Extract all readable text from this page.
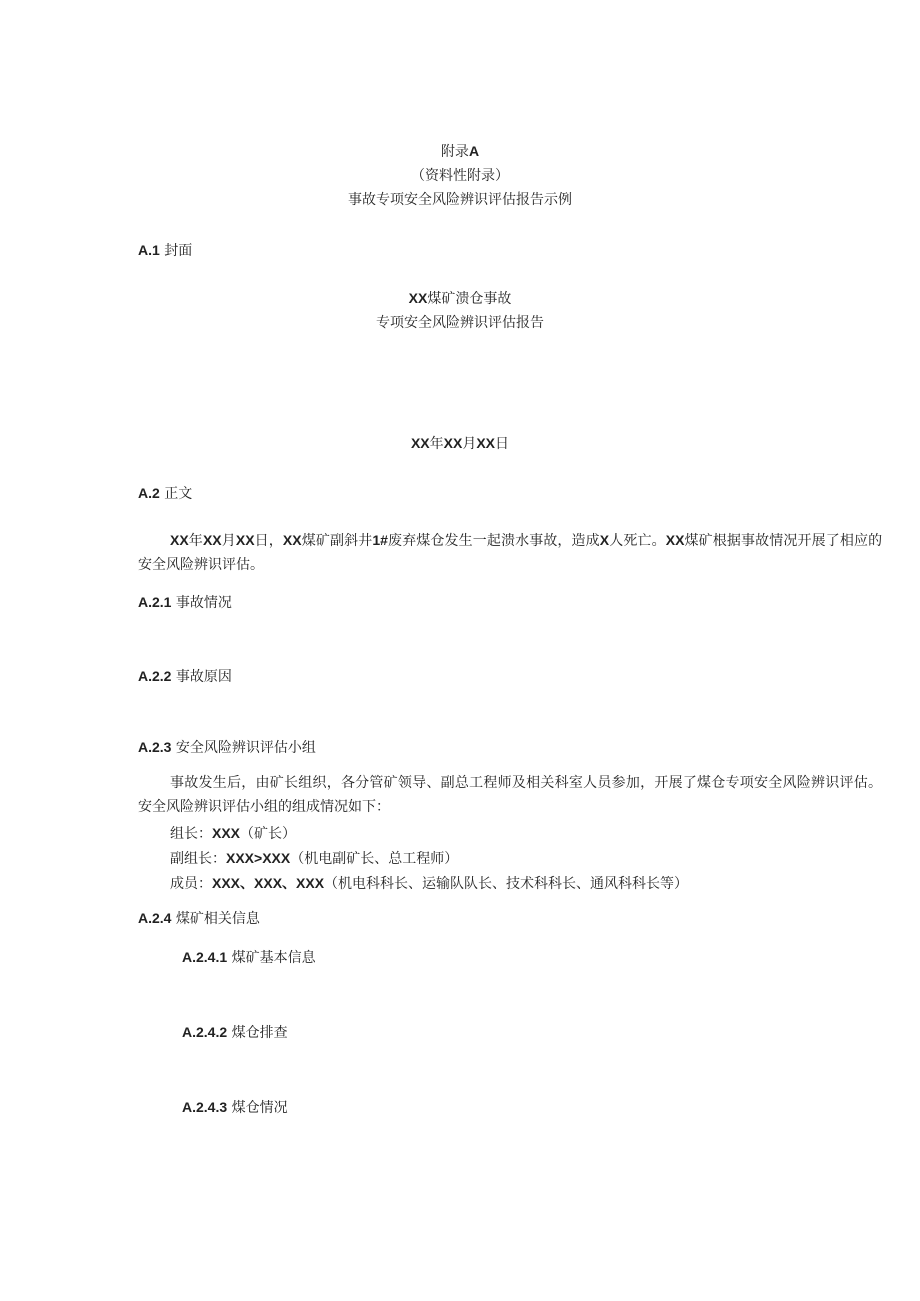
附录A
（资料性附录）
事故专项安全风险辨识评估报告示例
A.1 封面
XX煤矿溃仓事故
专项安全风险辨识评估报告
XX年XX月XX日
A.2 正文
XX年XX月XX日，XX煤矿副斜井1#废弃煤仓发生一起溃水事故，造成X人死亡。XX煤矿根据事故情况开展了相应的安全风险辨识评估。
A.2.1 事故情况
A.2.2 事故原因
A.2.3 安全风险辨识评估小组
事故发生后，由矿长组织，各分管矿领导、副总工程师及相关科室人员参加，开展了煤仓专项安全风险辨识评估。安全风险辨识评估小组的组成情况如下：
组长：XXX（矿长）
副组长：XXX>XXX（机电副矿长、总工程师）
成员：XXX、XXX、XXX（机电科科长、运输队队长、技术科科长、通风科科长等）
A.2.4 煤矿相关信息
A.2.4.1 煤矿基本信息
A.2.4.2 煤仓排查
A.2.4.3 煤仓情况
